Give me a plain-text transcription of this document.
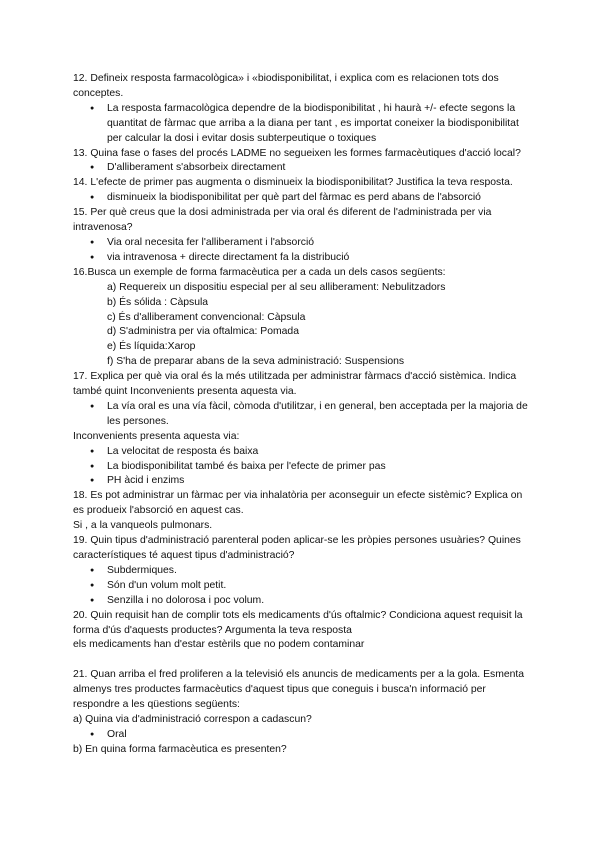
12. Defineix resposta farmacològica» i «biodisponibilitat, i explica com es relacionen tots dos conceptes.

● La resposta farmacològica dependre de la biodisponibilitat , hi haurà +/- efecte segons la quantitat de fàrmac que arriba a la diana per tant , es importat coneixer la biodisponibilitat per calcular la dosi i evitar dosis subterpeutique o toxiques

13. Quina fase o fases del procés LADME no segueixen les formes farmacèutiques d'acció local?

● D'alliberament s'absorbeix directament

14. L'efecte de primer pas augmenta o disminueix la biodisponibilitat? Justifica la teva resposta.

● disminueix la biodisponibilitat per què part del fàrmac es perd abans de l'absorció

15. Per què creus que la dosi administrada per via oral és diferent de l'administrada per via intravenosa?

● Via oral necesita fer l'alliberament i l'absorció
● via intravenosa + directe directament fa la distribució

16.Busca un exemple de forma farmacèutica per a cada un dels casos següents:

a) Requereix un dispositiu especial per al seu alliberament: Nebulitzadors
b) És sólida : Càpsula
c) És d'alliberament convencional: Càpsula
d) S'administra per via oftalmica: Pomada
e) És líquida:Xarop
f) S'ha de preparar abans de la seva administració: Suspensions

17. Explica per què via oral és la més utilitzada per administrar fàrmacs d'acció sistèmica. Indica també quint Inconvenients presenta aquesta via.

● La vía oral es una vía fàcil, còmoda d'utilitzar, i en general, ben acceptada per la majoria de les persones.

Inconvenients presenta aquesta via:

● La velocitat de resposta és baixa
● La biodisponibilitat també és baixa per l'efecte de primer pas
● PH àcid i enzims

18. Es pot administrar un fàrmac per via inhalatòria per aconseguir un efecte sistèmic? Explica on es produeix l'absorció en aquest cas.

Si , a la vanqueols pulmonars.

19. Quin tipus d'administració parenteral poden aplicar-se les pròpies persones usuàries? Quines característiques té aquest tipus d'administració?

● Subdermiques.
● Són d'un volum molt petit.
● Senzilla i no dolorosa i poc volum.

20. Quin requisit han de complir tots els medicaments d'ús oftalmic? Condiciona aquest requisit la forma d'ús d'aquests productes? Argumenta la teva resposta

els medicaments han d'estar estèrils que no podem contaminar

21. Quan arriba el fred proliferen a la televisió els anuncis de medicaments per a la gola. Esmenta almenys tres productes farmacèutics d'aquest tipus que coneguis i busca'n informació per respondre a les qüestions següents:

a) Quina via d'administració correspon a cadascun?

● Oral

b) En quina forma farmacèutica es presenten?
